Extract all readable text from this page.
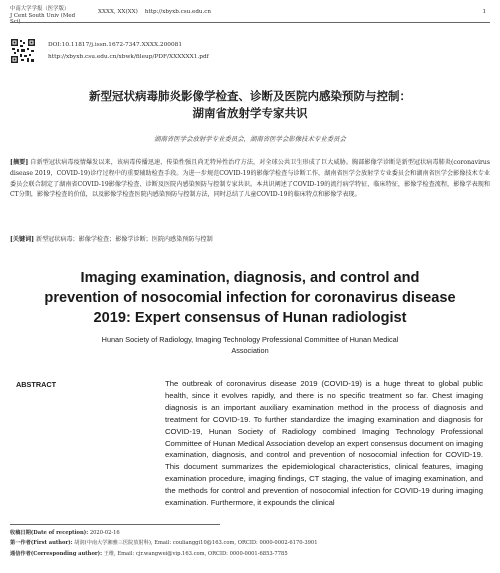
中南大学学报（医学版）
J Cent South Univ (Med Sci)
XXXX, XX(XX) http://xbyxb.csu.edu.cn	1
DOI:10.11817/j.issn.1672-7347.XXXX.200081
http://xbyxb.csu.edu.cn/xbwk/fileup/PDF/XXXXXX1.pdf
新型冠状病毒肺炎影像学检查、诊断及医院内感染预防与控制：
湖南省放射学专家共识
湖南省医学会放射学专业委员会，湖南省医学会影像技术专业委员会
[摘要] 自新型冠状病毒疫情爆发以来，该病毒传播迅速、传染性强且尚无特异性治疗方法，对全球公共卫生形成了巨大威胁。胸部影像学诊断是新型冠状病毒肺炎(coronavirus disease 2019，COVID-19)诊疗过程中的重要辅助检查手段。为进一步规范COVID-19的影像学检查与诊断工作，湖南省医学会放射学专业委员会和湖南省医学会影像技术专业委员会联合制定了湖南省COVID-19影像学检查、诊断及医院内感染预防与控制专家共识。本共识阐述了COVID-19的流行病学特征，临床特征，影像学检查流程，影像学表现和CT分期，影像学检查的价值，以及影像学检查医院内感染预防与控制方法，同时总结了儿童COVID-19的临床特点和影像学表现。
[关键词] 新型冠状病毒；影像学检查；影像学诊断；医院内感染预防与控制
Imaging examination, diagnosis, and control and
prevention of nosocomial infection for coronavirus disease
2019: Expert consensus of Hunan radiologist
Hunan Society of Radiology, Imaging Technology Professional Committee of Hunan Medical
Association
ABSTRACT	The outbreak of coronavirus disease 2019 (COVID-19) is a huge threat to global public health, since it evolves rapidly, and there is no specific treatment so far. Chest imaging diagnosis is an important auxiliary examination method in the process of diagnosis and treatment for COVID-19. To further standardize the imaging examination and diagnosis for COVID-19, Hunan Society of Radiology combined Imaging Technology Professional Committee of Hunan Medical Association develop an expert consensus document on imaging examination, diagnosis, and control and prevention of nosocomial infection for COVID-19. This document summarizes the epidemiological characteristics, clinical features, imaging examination procedure, imaging findings, CT staging, the value of imaging examination, and the methods for control and prevention of nosocomial infection for COVID-19 during imaging examination. Furthermore, it expounds the clinical
收稿日期(Date of reception): 2020-02-16
第一作者(First author): 胡润(中南大学湘雅三医院放射科), Email: coulianggi10@163.com, ORCID: 0000-0002-6170-3901
通信作者(Corresponding author): 王维, Email: cjr.wangwei@vip.163.com, ORCID: 0000-0001-6853-7785
